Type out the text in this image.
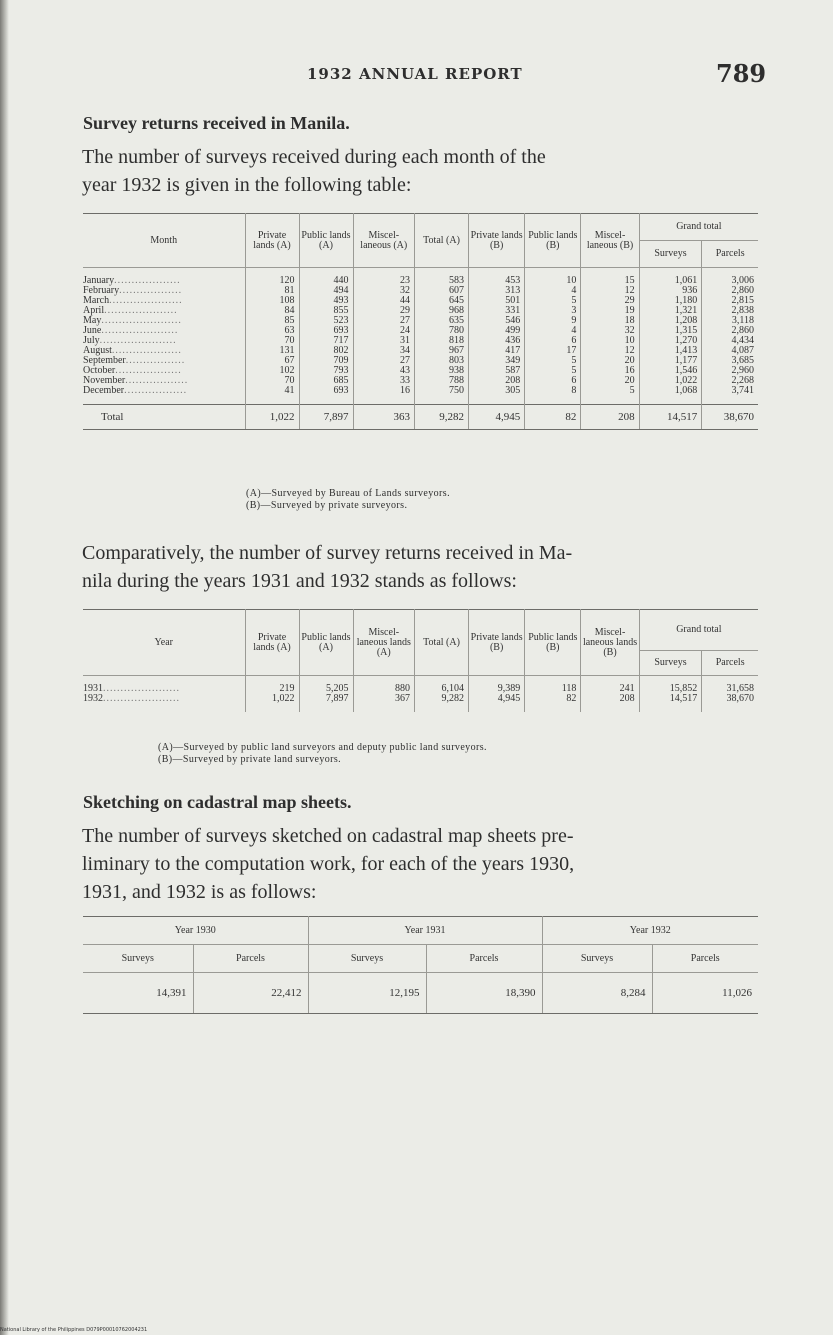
1932 ANNUAL REPORT	789
Survey returns received in Manila.
The number of surveys received during each month of the
year 1932 is given in the following table:
Month	Private lands (A)	Public lands (A)	Miscel-laneous (A)	Total (A)	Private lands (B)	Public lands (B)	Miscel-laneous (B)	Grand total	
								Surveys	Parcels

January...................	120	440	23	583	453	10	15	1,061	3,006
February..................	81	494	32	607	313	4	12	936	2,860
March.....................	108	493	44	645	501	5	29	1,180	2,815
April.....................	84	855	29	968	331	3	19	1,321	2,838
May.......................	85	523	27	635	546	9	18	1,208	3,118
June......................	63	693	24	780	499	4	32	1,315	2,860
July......................	70	717	31	818	436	6	10	1,270	4,434
August....................	131	802	34	967	417	17	12	1,413	4,087
September.................	67	709	27	803	349	5	20	1,177	3,685
October...................	102	793	43	938	587	5	16	1,546	2,960
November..................	70	685	33	788	208	6	20	1,022	2,268
December..................	41	693	16	750	305	8	5	1,068	3,741

Total	1,022	7,897	363	9,282	4,945	82	208	14,517	38,670
(A)—Surveyed by Bureau of Lands surveyors.
(B)—Surveyed by private surveyors.
Comparatively, the number of survey returns received in Ma-
nila during the years 1931 and 1932 stands as follows:
Year	Private lands (A)	Public lands (A)	Miscel-laneous lands (A)	Total (A)	Private lands (B)	Public lands (B)	Miscel-laneous lands (B)	Grand total	
								Surveys	Parcels

1931......................	219	5,205	880	6,104	9,389	118	241	15,852	31,658
1932......................	1,022	7,897	367	9,282	4,945	82	208	14,517	38,670

(A)—Surveyed by public land surveyors and deputy public land surveyors.
(B)—Surveyed by private land surveyors.
Sketching on cadastral map sheets.
The number of surveys sketched on cadastral map sheets pre-
liminary to the computation work, for each of the years 1930,
1931, and 1932 is as follows:
Year 1930		Year 1931		Year 1932	
Surveys	Parcels	Surveys	Parcels	Surveys	Parcels
14,391	22,412	12,195	18,390	8,284	11,026
National Library of the Philippines D079P00010762004231
